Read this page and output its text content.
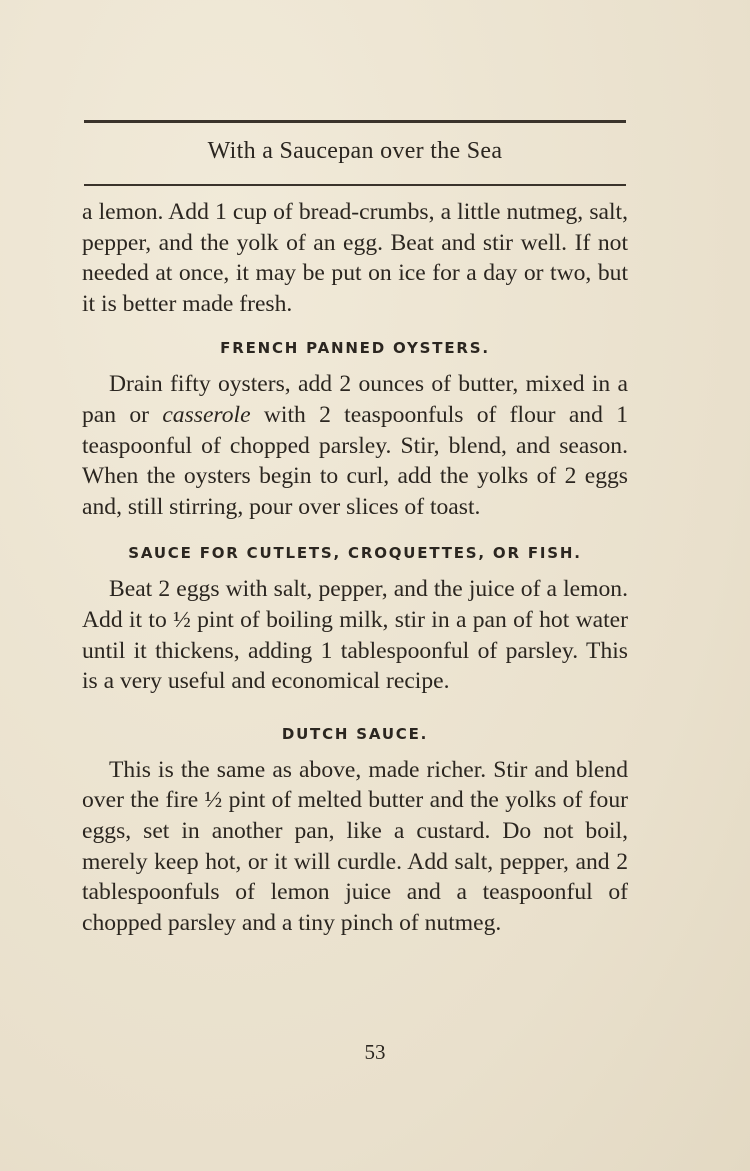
With a Saucepan over the Sea

a lemon. Add 1 cup of bread-crumbs, a little nutmeg, salt, pepper, and the yolk of an egg. Beat and stir well. If not needed at once, it may be put on ice for a day or two, but it is better made fresh.

FRENCH PANNED OYSTERS.

Drain fifty oysters, add 2 ounces of butter, mixed in a pan or casserole with 2 teaspoonfuls of flour and 1 teaspoonful of chopped parsley. Stir, blend, and season. When the oysters begin to curl, add the yolks of 2 eggs and, still stirring, pour over slices of toast.

SAUCE FOR CUTLETS, CROQUETTES, OR FISH.

Beat 2 eggs with salt, pepper, and the juice of a lemon. Add it to ½ pint of boiling milk, stir in a pan of hot water until it thickens, adding 1 tablespoonful of parsley. This is a very useful and economical recipe.

DUTCH SAUCE.

This is the same as above, made richer. Stir and blend over the fire ½ pint of melted butter and the yolks of four eggs, set in another pan, like a custard. Do not boil, merely keep hot, or it will curdle. Add salt, pepper, and 2 tablespoonfuls of lemon juice and a teaspoonful of chopped parsley and a tiny pinch of nutmeg.

53
